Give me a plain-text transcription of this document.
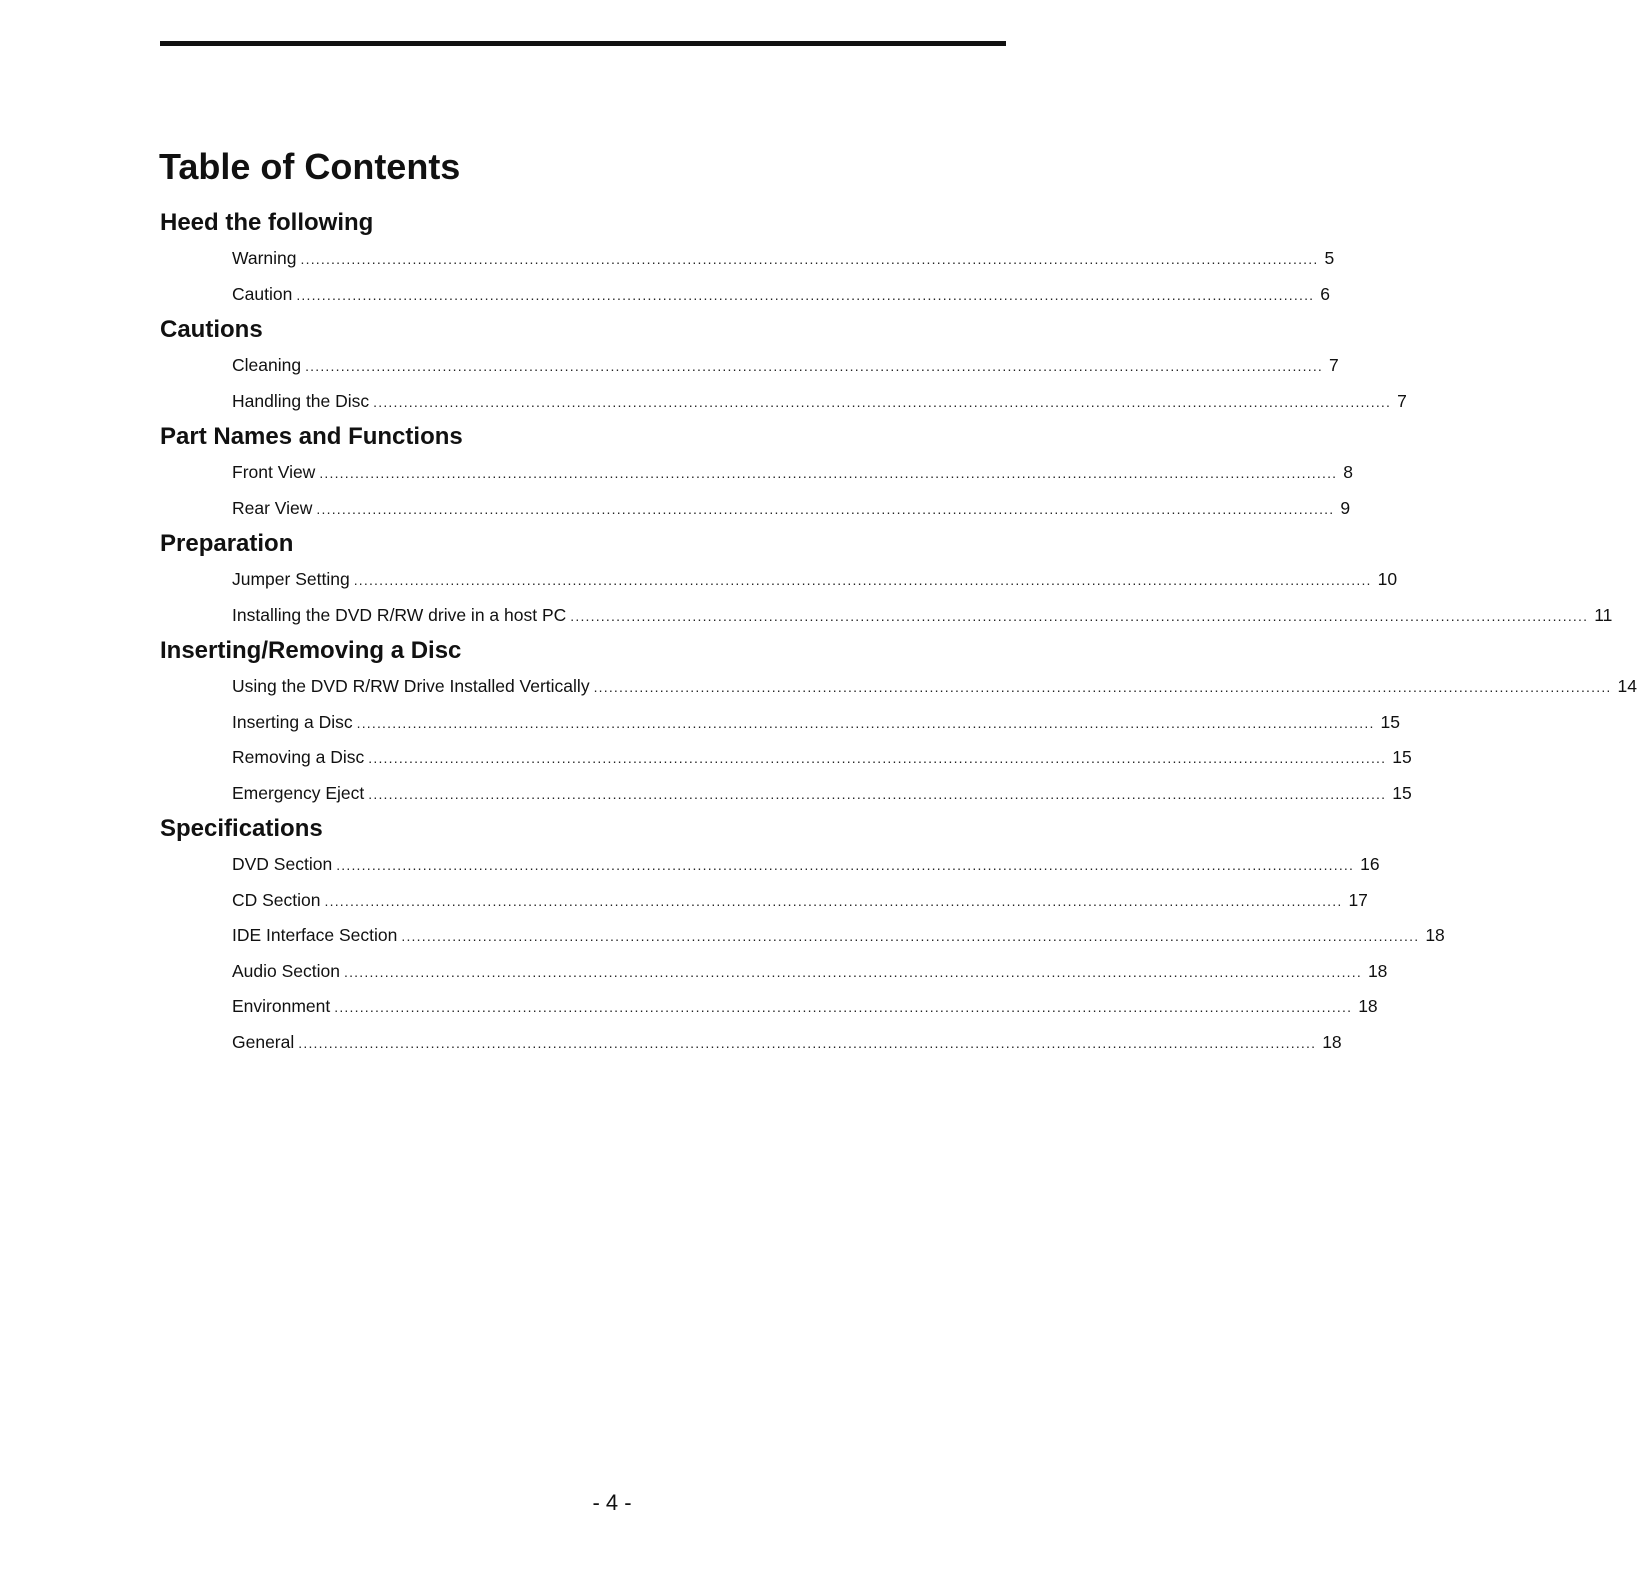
Table of Contents
Heed the following
Warning ........................................................................................................................................................................................................ 5
Caution ........................................................................................................................................................................................................ 6
Cautions
Cleaning ........................................................................................................................................................................................................ 7
Handling the Disc ........................................................................................................................................................................................................ 7
Part Names and Functions
Front View ........................................................................................................................................................................................................ 8
Rear View ........................................................................................................................................................................................................ 9
Preparation
Jumper Setting ........................................................................................................................................................................................................ 10
Installing the DVD R/RW drive in a host PC ........................................................................................................................................................................................................ 11
Inserting/Removing a Disc
Using the DVD R/RW Drive Installed Vertically ........................................................................................................................................................................................................ 14
Inserting a Disc ........................................................................................................................................................................................................ 15
Removing a Disc ........................................................................................................................................................................................................ 15
Emergency Eject ........................................................................................................................................................................................................ 15
Specifications
DVD Section ........................................................................................................................................................................................................ 16
CD Section ........................................................................................................................................................................................................ 17
IDE Interface Section ........................................................................................................................................................................................................ 18
Audio Section ........................................................................................................................................................................................................ 18
Environment ........................................................................................................................................................................................................ 18
General ........................................................................................................................................................................................................ 18

- 4 -
